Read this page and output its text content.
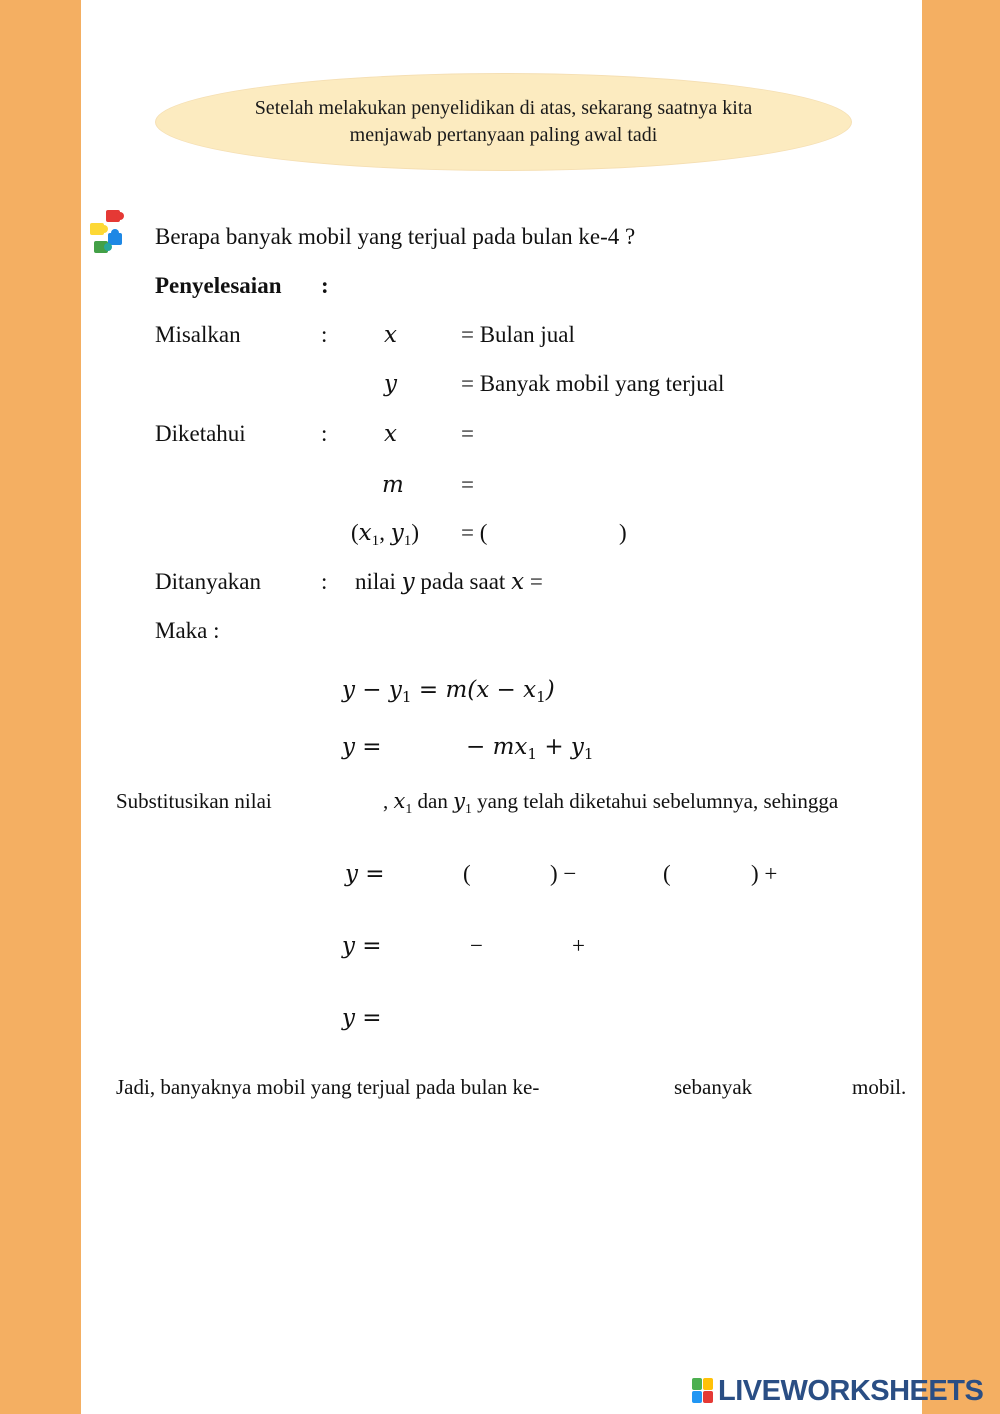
Setelah melakukan penyelidikan di atas, sekarang saatnya kita
menjawab pertanyaan paling awal tadi
Berapa banyak mobil yang terjual pada bulan ke-4 ?
Penyelesaian :
Misalkan	: x	= Bulan jual
y	= Banyak mobil yang terjual
Diketahui	: x	=
m =
($x_1$, $y_1$) = (	)
Ditanyakan	: nilai y pada saat x =
Maka :
$y - y_1 = m(x - x_1)$
y =	− $mx_1 + y_1$
Substitusikan nilai	, $x_1$ dan $y_1$ yang telah diketahui sebelumnya, sehingga
y =	(	) −	(	) +
y =	−	+
y =
Jadi, banyaknya mobil yang terjual pada bulan ke-	sebanyak	mobil.
LIVEWORKSHEETS
